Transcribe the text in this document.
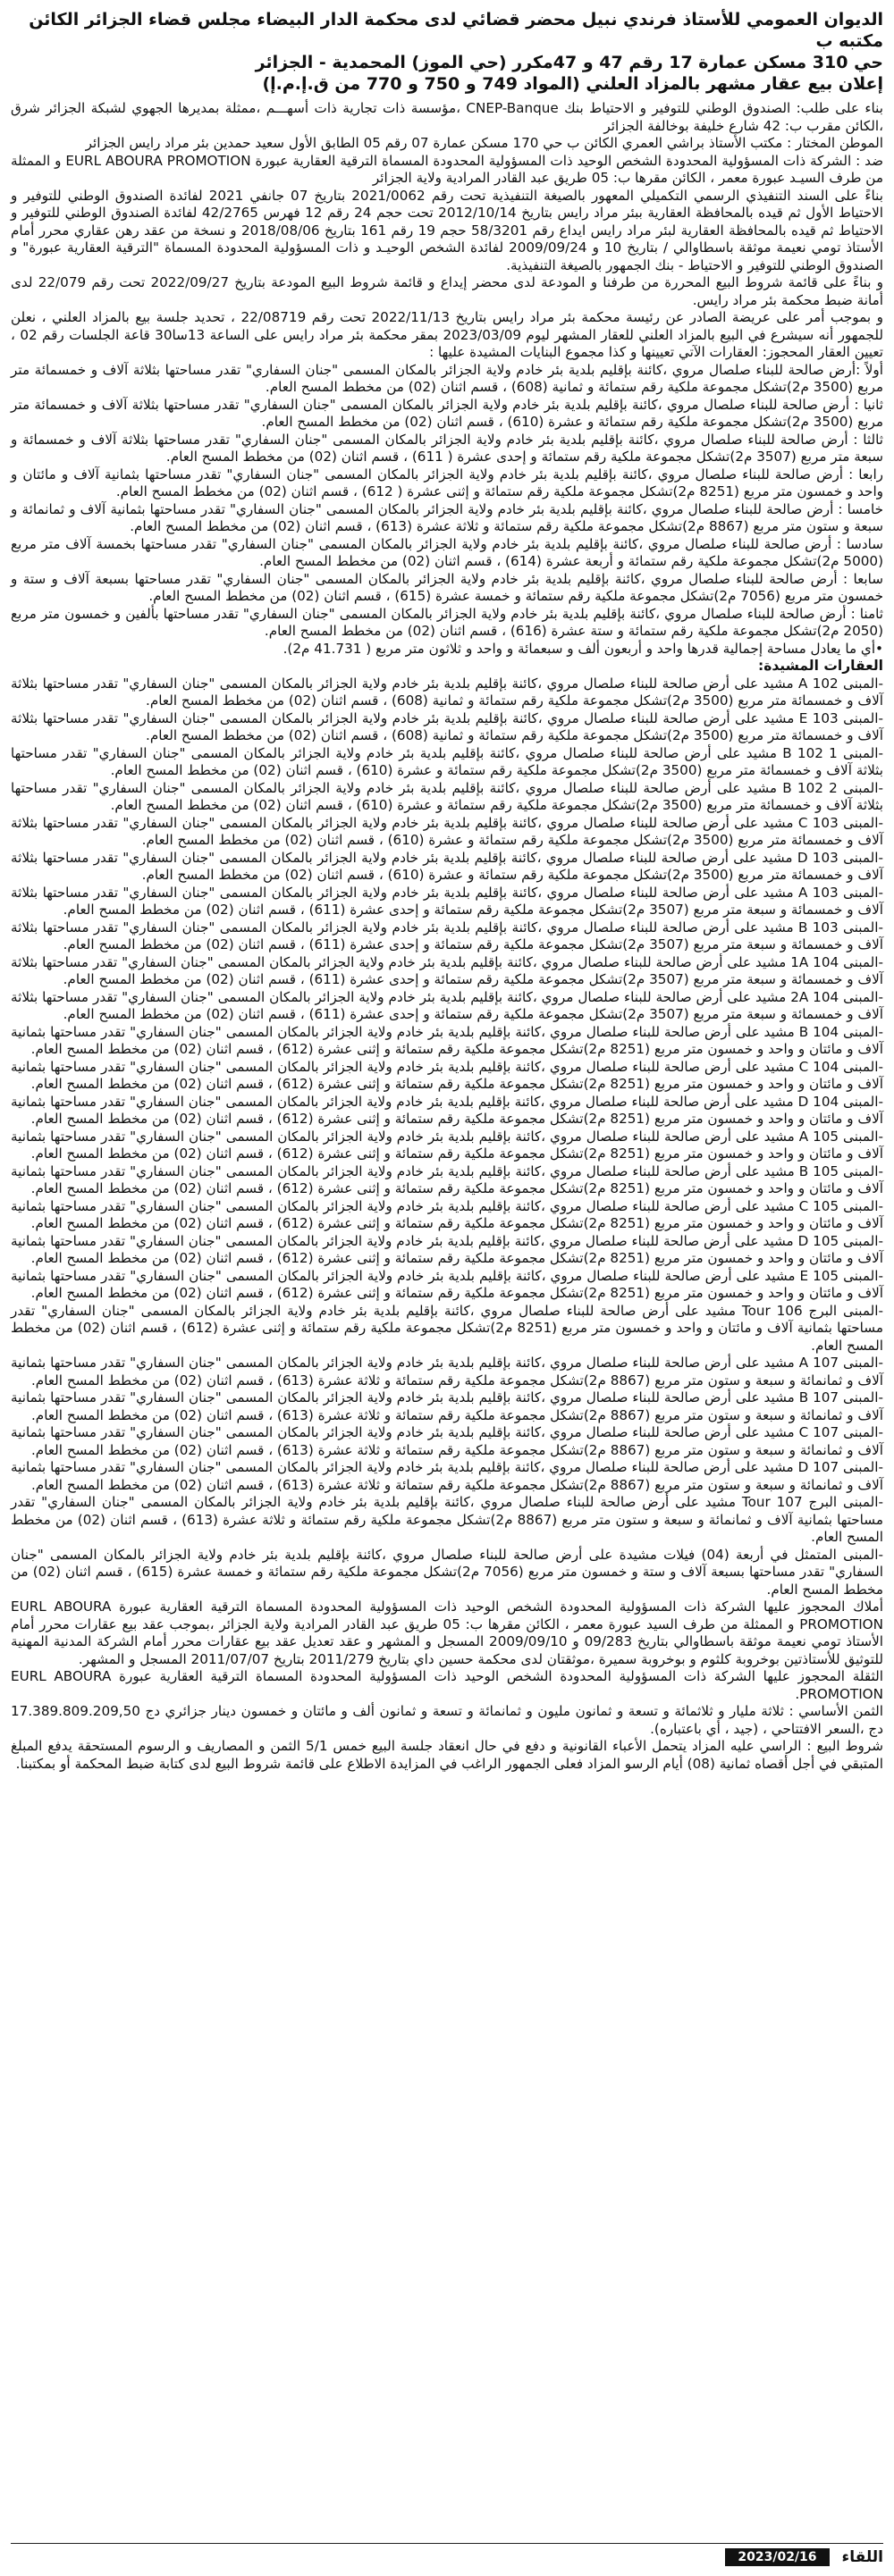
الديوان العمومي للأستاذ فرندي نبيل محضر قضائي لدى محكمة الدار البيضاء مجلس قضاء الجزائر الكائن مكتبه ب
حي 310 مسكن عمارة 17 رقم 47 و 47مكرر (حي الموز) المحمدية - الجزائر
إعلان بيع عقار مشهر بالمزاد العلني (المواد 749 و 750 و 770 من ق.إ.م.إ)

بناء على طلب: الصندوق الوطني للتوفير و الاحتياط بنك CNEP-Banque ،مؤسسة ذات تجارية ذات أسهـــم ،ممثلة بمديرها الجهوي لشبكة الجزائر شرق ،الكائن مقرب ب: 42 شارع خليفة بوخالفة الجزائر

الموطن المختار : مكتب الأستاذ براشي العمري الكائن ب حي 170 مسكن عمارة 07 رقم 05 الطابق الأول سعيد حمدين بئر مراد رايس الجزائر

ضد : الشركة ذات المسؤولية المحدودة الشخص الوحيد ذات المسؤولية المحدودة المسماة الترقية العقارية عبورة EURL ABOURA PROMOTION و الممثلة من طرف السيـد عبورة معمر ، الكائن مقرها ب: 05 طريق عبد القادر المرادية ولاية الجزائر

بناءً على السند التنفيذي الرسمي التكميلي المعهور بالصيغة التنفيذية تحت رقم 2021/0062 بتاريخ 07 جانفي 2021 لفائدة الصندوق الوطني للتوفير و الاحتياط الأول ثم قيده بالمحافظة العقارية ببئر مراد رايس بتاريخ 2012/10/14 تحت حجم 24 رقم 12 فهرس 42/2765 لفائدة الصندوق الوطني للتوفير و الاحتياط ثم قيده بالمحافظة العقارية لبئر مراد رايس ايداع رقم 58/3201 حجم 19 رقم 161 بتاريخ 2018/08/06 و نسخة من عقد رهن عقاري محرر أمام الأستاذ تومي نعيمة موثقة باسطاوالي / بتاريخ 10 و 2009/09/24 لفائدة الشخص الوحيـد و ذات المسؤولية المحدودة المسماة "الترقية العقارية عبورة" و الصندوق الوطني للتوفير و الاحتياط - بنك الجمهور بالصيغة التنفيذية.

و بناءً على قائمة شروط البيع المحررة من طرفنا و المودعة لدى محضر إيداع و قائمة شروط البيع المودعة بتاريخ 2022/09/27 تحت رقم 22/079 لدى أمانة ضبط محكمة بئر مراد رايس.

و بموجب أمر على عريضة الصادر عن رئيسة محكمة بئر مراد رايس بتاريخ 2022/11/13 تحت رقم 22/08719 ، تحديد جلسة بيع بالمزاد العلني ، نعلن للجمهور أنه سيشرع في البيع بالمزاد العلني للعقار المشهر ليوم 2023/03/09 بمقر محكمة بئر مراد رايس على الساعة 13سا30 قاعة الجلسات رقم 02 ، تعيين العقار المحجوز: العقارات الآتي تعيينها و كذا مجموع البنايات المشيدة عليها :

أولاً :أرض صالحة للبناء صلصال مروي ،كائنة بإقليم بلدية بئر خادم ولاية الجزائر بالمكان المسمى "جنان السفاري" تقدر مساحتها بثلاثة آلاف و خمسمائة متر مربع (3500 م2)تشكل مجموعة ملكية رقم ستمائة و ثمانية (608) ، قسم اثنان (02) من مخطط المسح العام.

ثانيا : أرض صالحة للبناء صلصال مروي ،كائنة بإقليم بلدية بئر خادم ولاية الجزائر بالمكان المسمى "جنان السفاري" تقدر مساحتها بثلاثة آلاف و خمسمائة متر مربع (3500 م2)تشكل مجموعة ملكية رقم ستمائة و عشرة (610) ، قسم اثنان (02) من مخطط المسح العام.

ثالثا : أرض صالحة للبناء صلصال مروي ،كائنة بإقليم بلدية بئر خادم ولاية الجزائر بالمكان المسمى "جنان السفاري" تقدر مساحتها بثلاثة آلاف و خمسمائة و سبعة متر مربع (3507 م2)تشكل مجموعة ملكية رقم ستمائة و إحدى عشرة ( 611) ، قسم اثنان (02) من مخطط المسح العام.

رابعا : أرض صالحة للبناء صلصال مروي ،كائنة بإقليم بلدية بئر خادم ولاية الجزائر بالمكان المسمى "جنان السفاري" تقدر مساحتها بثمانية آلاف و مائتان و واحد و خمسون متر مربع (8251 م2)تشكل مجموعة ملكية رقم ستمائة و إثنى عشرة ( 612) ، قسم اثنان (02) من مخطط المسح العام.

خامسا : أرض صالحة للبناء صلصال مروي ،كائنة بإقليم بلدية بئر خادم ولاية الجزائر بالمكان المسمى "جنان السفاري" تقدر مساحتها بثمانية آلاف و ثمانمائة و سبعة و ستون متر مربع (8867 م2)تشكل مجموعة ملكية رقم ستمائة و ثلاثة عشرة (613) ، قسم اثنان (02) من مخطط المسح العام.

سادسا : أرض صالحة للبناء صلصال مروي ،كائنة بإقليم بلدية بئر خادم ولاية الجزائر بالمكان المسمى "جنان السفاري" تقدر مساحتها بخمسة آلاف متر مربع (5000 م2)تشكل مجموعة ملكية رقم ستمائة و أربعة عشرة (614) ، قسم اثنان (02) من مخطط المسح العام.

سابعا : أرض صالحة للبناء صلصال مروي ،كائنة بإقليم بلدية بئر خادم ولاية الجزائر بالمكان المسمى "جنان السفاري" تقدر مساحتها بسبعة آلاف و ستة و خمسون متر مربع (7056 م2)تشكل مجموعة ملكية رقم ستمائة و خمسة عشرة (615) ، قسم اثنان (02) من مخطط المسح العام.

ثامنا : أرض صالحة للبناء صلصال مروي ،كائنة بإقليم بلدية بئر خادم ولاية الجزائر بالمكان المسمى "جنان السفاري" تقدر مساحتها بألفين و خمسون متر مربع (2050 م2)تشكل مجموعة ملكية رقم ستمائة و ستة عشرة (616) ، قسم اثنان (02) من مخطط المسح العام.

•أي ما يعادل مساحة إجمالية قدرها واحد و أربعون ألف و سبعمائة و واحد و ثلاثون متر مربع ( 41.731 م2).

العقارات المشيدة:

-المبنى A 102 مشيد على أرض صالحة للبناء صلصال مروي ،كائنة بإقليم بلدية بئر خادم ولاية الجزائر بالمكان المسمى "جنان السفاري" تقدر مساحتها بثلاثة آلاف و خمسمائة متر مربع (3500 م2)تشكل مجموعة ملكية رقم ستمائة و ثمانية (608) ، قسم اثنان (02) من مخطط المسح العام.

-المبنى E 103 مشيد على أرض صالحة للبناء صلصال مروي ،كائنة بإقليم بلدية بئر خادم ولاية الجزائر بالمكان المسمى "جنان السفاري" تقدر مساحتها بثلاثة آلاف و خمسمائة متر مربع (3500 م2)تشكل مجموعة ملكية رقم ستمائة و ثمانية (608) ، قسم اثنان (02) من مخطط المسح العام.

-المبنى 1 B 102 مشيد على أرض صالحة للبناء صلصال مروي ،كائنة بإقليم بلدية بئر خادم ولاية الجزائر بالمكان المسمى "جنان السفاري" تقدر مساحتها بثلاثة آلاف و خمسمائة متر مربع (3500 م2)تشكل مجموعة ملكية رقم ستمائة و عشرة (610) ، قسم اثنان (02) من مخطط المسح العام.

-المبنى 2 B 102 مشيد على أرض صالحة للبناء صلصال مروي ،كائنة بإقليم بلدية بئر خادم ولاية الجزائر بالمكان المسمى "جنان السفاري" تقدر مساحتها بثلاثة آلاف و خمسمائة متر مربع (3500 م2)تشكل مجموعة ملكية رقم ستمائة و عشرة (610) ، قسم اثنان (02) من مخطط المسح العام.

-المبنى C 103 مشيد على أرض صالحة للبناء صلصال مروي ،كائنة بإقليم بلدية بئر خادم ولاية الجزائر بالمكان المسمى "جنان السفاري" تقدر مساحتها بثلاثة آلاف و خمسمائة متر مربع (3500 م2)تشكل مجموعة ملكية رقم ستمائة و عشرة (610) ، قسم اثنان (02) من مخطط المسح العام.

-المبنى D 103 مشيد على أرض صالحة للبناء صلصال مروي ،كائنة بإقليم بلدية بئر خادم ولاية الجزائر بالمكان المسمى "جنان السفاري" تقدر مساحتها بثلاثة آلاف و خمسمائة متر مربع (3500 م2)تشكل مجموعة ملكية رقم ستمائة و عشرة (610) ، قسم اثنان (02) من مخطط المسح العام.

-المبنى A 103 مشيد على أرض صالحة للبناء صلصال مروي ،كائنة بإقليم بلدية بئر خادم ولاية الجزائر بالمكان المسمى "جنان السفاري" تقدر مساحتها بثلاثة آلاف و خمسمائة و سبعة متر مربع (3507 م2)تشكل مجموعة ملكية رقم ستمائة و إحدى عشرة (611) ، قسم اثنان (02) من مخطط المسح العام.

-المبنى B 103 مشيد على أرض صالحة للبناء صلصال مروي ،كائنة بإقليم بلدية بئر خادم ولاية الجزائر بالمكان المسمى "جنان السفاري" تقدر مساحتها بثلاثة آلاف و خمسمائة و سبعة متر مربع (3507 م2)تشكل مجموعة ملكية رقم ستمائة و إحدى عشرة (611) ، قسم اثنان (02) من مخطط المسح العام.

-المبنى 1A 104 مشيد على أرض صالحة للبناء صلصال مروي ،كائنة بإقليم بلدية بئر خادم ولاية الجزائر بالمكان المسمى "جنان السفاري" تقدر مساحتها بثلاثة آلاف و خمسمائة و سبعة متر مربع (3507 م2)تشكل مجموعة ملكية رقم ستمائة و إحدى عشرة (611) ، قسم اثنان (02) من مخطط المسح العام.

-المبنى 2A 104 مشيد على أرض صالحة للبناء صلصال مروي ،كائنة بإقليم بلدية بئر خادم ولاية الجزائر بالمكان المسمى "جنان السفاري" تقدر مساحتها بثلاثة آلاف و خمسمائة و سبعة متر مربع (3507 م2)تشكل مجموعة ملكية رقم ستمائة و إحدى عشرة (611) ، قسم اثنان (02) من مخطط المسح العام.

-المبنى B 104 مشيد على أرض صالحة للبناء صلصال مروي ،كائنة بإقليم بلدية بئر خادم ولاية الجزائر بالمكان المسمى "جنان السفاري" تقدر مساحتها بثمانية آلاف و مائتان و واحد و خمسون متر مربع (8251 م2)تشكل مجموعة ملكية رقم ستمائة و إثنى عشرة (612) ، قسم اثنان (02) من مخطط المسح العام.

-المبنى C 104 مشيد على أرض صالحة للبناء صلصال مروي ،كائنة بإقليم بلدية بئر خادم ولاية الجزائر بالمكان المسمى "جنان السفاري" تقدر مساحتها بثمانية آلاف و مائتان و واحد و خمسون متر مربع (8251 م2)تشكل مجموعة ملكية رقم ستمائة و إثنى عشرة (612) ، قسم اثنان (02) من مخطط المسح العام.

-المبنى D 104 مشيد على أرض صالحة للبناء صلصال مروي ،كائنة بإقليم بلدية بئر خادم ولاية الجزائر بالمكان المسمى "جنان السفاري" تقدر مساحتها بثمانية آلاف و مائتان و واحد و خمسون متر مربع (8251 م2)تشكل مجموعة ملكية رقم ستمائة و إثنى عشرة (612) ، قسم اثنان (02) من مخطط المسح العام.

-المبنى A 105 مشيد على أرض صالحة للبناء صلصال مروي ،كائنة بإقليم بلدية بئر خادم ولاية الجزائر بالمكان المسمى "جنان السفاري" تقدر مساحتها بثمانية آلاف و مائتان و واحد و خمسون متر مربع (8251 م2)تشكل مجموعة ملكية رقم ستمائة و إثنى عشرة (612) ، قسم اثنان (02) من مخطط المسح العام.

-المبنى B 105 مشيد على أرض صالحة للبناء صلصال مروي ،كائنة بإقليم بلدية بئر خادم ولاية الجزائر بالمكان المسمى "جنان السفاري" تقدر مساحتها بثمانية آلاف و مائتان و واحد و خمسون متر مربع (8251 م2)تشكل مجموعة ملكية رقم ستمائة و إثنى عشرة (612) ، قسم اثنان (02) من مخطط المسح العام.

-المبنى C 105 مشيد على أرض صالحة للبناء صلصال مروي ،كائنة بإقليم بلدية بئر خادم ولاية الجزائر بالمكان المسمى "جنان السفاري" تقدر مساحتها بثمانية آلاف و مائتان و واحد و خمسون متر مربع (8251 م2)تشكل مجموعة ملكية رقم ستمائة و إثنى عشرة (612) ، قسم اثنان (02) من مخطط المسح العام.

-المبنى D 105 مشيد على أرض صالحة للبناء صلصال مروي ،كائنة بإقليم بلدية بئر خادم ولاية الجزائر بالمكان المسمى "جنان السفاري" تقدر مساحتها بثمانية آلاف و مائتان و واحد و خمسون متر مربع (8251 م2)تشكل مجموعة ملكية رقم ستمائة و إثنى عشرة (612) ، قسم اثنان (02) من مخطط المسح العام.

-المبنى E 105 مشيد على أرض صالحة للبناء صلصال مروي ،كائنة بإقليم بلدية بئر خادم ولاية الجزائر بالمكان المسمى "جنان السفاري" تقدر مساحتها بثمانية آلاف و مائتان و واحد و خمسون متر مربع (8251 م2)تشكل مجموعة ملكية رقم ستمائة و إثنى عشرة (612) ، قسم اثنان (02) من مخطط المسح العام.

-المبنى البرج Tour 106 مشيد على أرض صالحة للبناء صلصال مروي ،كائنة بإقليم بلدية بئر خادم ولاية الجزائر بالمكان المسمى "جنان السفاري" تقدر مساحتها بثمانية آلاف و مائتان و واحد و خمسون متر مربع (8251 م2)تشكل مجموعة ملكية رقم ستمائة و إثنى عشرة (612) ، قسم اثنان (02) من مخطط المسح العام.

-المبنى A 107 مشيد على أرض صالحة للبناء صلصال مروي ،كائنة بإقليم بلدية بئر خادم ولاية الجزائر بالمكان المسمى "جنان السفاري" تقدر مساحتها بثمانية آلاف و ثمانمائة و سبعة و ستون متر مربع (8867 م2)تشكل مجموعة ملكية رقم ستمائة و ثلاثة عشرة (613) ، قسم اثنان (02) من مخطط المسح العام.

-المبنى B 107 مشيد على أرض صالحة للبناء صلصال مروي ،كائنة بإقليم بلدية بئر خادم ولاية الجزائر بالمكان المسمى "جنان السفاري" تقدر مساحتها بثمانية آلاف و ثمانمائة و سبعة و ستون متر مربع (8867 م2)تشكل مجموعة ملكية رقم ستمائة و ثلاثة عشرة (613) ، قسم اثنان (02) من مخطط المسح العام.

-المبنى C 107 مشيد على أرض صالحة للبناء صلصال مروي ،كائنة بإقليم بلدية بئر خادم ولاية الجزائر بالمكان المسمى "جنان السفاري" تقدر مساحتها بثمانية آلاف و ثمانمائة و سبعة و ستون متر مربع (8867 م2)تشكل مجموعة ملكية رقم ستمائة و ثلاثة عشرة (613) ، قسم اثنان (02) من مخطط المسح العام.

-المبنى D 107 مشيد على أرض صالحة للبناء صلصال مروي ،كائنة بإقليم بلدية بئر خادم ولاية الجزائر بالمكان المسمى "جنان السفاري" تقدر مساحتها بثمانية آلاف و ثمانمائة و سبعة و ستون متر مربع (8867 م2)تشكل مجموعة ملكية رقم ستمائة و ثلاثة عشرة (613) ، قسم اثنان (02) من مخطط المسح العام.

-المبنى البرج Tour 107 مشيد على أرض صالحة للبناء صلصال مروي ،كائنة بإقليم بلدية بئر خادم ولاية الجزائر بالمكان المسمى "جنان السفاري" تقدر مساحتها بثمانية آلاف و ثمانمائة و سبعة و ستون متر مربع (8867 م2)تشكل مجموعة ملكية رقم ستمائة و ثلاثة عشرة (613) ، قسم اثنان (02) من مخطط المسح العام.

-المبنى المتمثل في أربعة (04) فيلات مشيدة على أرض صالحة للبناء صلصال مروي ،كائنة بإقليم بلدية بئر خادم ولاية الجزائر بالمكان المسمى "جنان السفاري" تقدر مساحتها بسبعة آلاف و ستة و خمسون متر مربع (7056 م2)تشكل مجموعة ملكية رقم ستمائة و خمسة عشرة (615) ، قسم اثنان (02) من مخطط المسح العام.

أملاك المحجوز عليها الشركة ذات المسؤولية المحدودة الشخص الوحيد ذات المسؤولية المحدودة المسماة الترقية العقارية عبورة EURL ABOURA PROMOTION و الممثلة من طرف السيد عبورة معمر ، الكائن مقرها ب: 05 طريق عبد القادر المرادية ولاية الجزائر ،بموجب عقد بيع عقارات محرر أمام الأستاذ تومي نعيمة موثقة باسطاوالي بتاريخ 09/283 و 2009/09/10 المسجل و المشهر و عقد تعديل عقد بيع عقارات محرر أمام الشركة المدنية المهنية للتوثيق للأستاذتين بوخروبة كلثوم و بوخروبة سميرة ،موثقتان لدى محكمة حسين داي بتاريخ 2011/279 بتاريخ 2011/07/07 المسجل و المشهر.

الثقلة المحجوز عليها الشركة ذات المسؤولية المحدودة الشخص الوحيد ذات المسؤولية المحدودة المسماة الترقية العقارية عبورة EURL ABOURA PROMOTION.

الثمن الأساسي : ثلاثة مليار و ثلاثمائة و تسعة و ثمانون مليون و ثمانمائة و تسعة و ثمانون ألف و مائتان و خمسون دينار جزائري دج 17.389.809.209,50 دج ،السعر الافتتاحي ، (جيد ، أي باعتباره).

شروط البيع : الراسي عليه المزاد يتحمل الأعباء القانونية و دفع في حال انعقاد جلسة البيع خمس 5/1 الثمن و المصاريف و الرسوم المستحقة يدفع المبلغ المتبقي في أجل أقصاه ثمانية (08) أيام الرسو المزاد فعلى الجمهور الراغب في المزايدة الاطلاع على قائمة شروط البيع لدى كتابة ضبط المحكمة أو بمكتبنا.

اللقاء
2023/02/16
